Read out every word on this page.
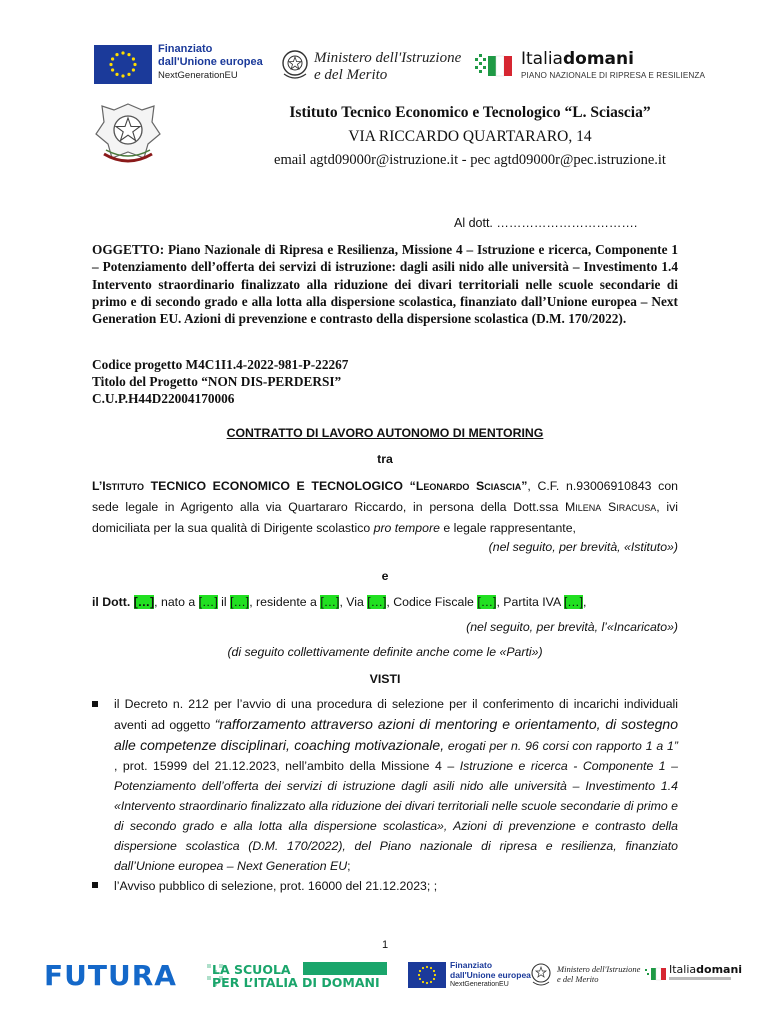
Finanziato
dall'Unione europea
NextGenerationEU
Ministero dell'Istruzione
e del Merito
Italiadomani
PIANO NAZIONALE DI RIPRESA E RESILIENZA
Istituto Tecnico Economico e Tecnologico “L. Sciascia”
VIA RICCARDO QUARTARARO, 14
email agtd09000r@istruzione.it - pec agtd09000r@pec.istruzione.it
Al dott. …………………………….
OGGETTO: Piano Nazionale di Ripresa e Resilienza, Missione 4 – Istruzione e ricerca, Componente 1 – Potenziamento dell’offerta dei servizi di istruzione: dagli asili nido alle università – Investimento 1.4 Intervento straordinario finalizzato alla riduzione dei divari territoriali nelle scuole secondarie di primo e di secondo grado e alla lotta alla dispersione scolastica, finanziato dall’Unione europea – Next Generation EU. Azioni di prevenzione e contrasto della dispersione scolastica (D.M. 170/2022).
Codice progetto M4C1I1.4-2022-981-P-22267
Titolo del Progetto “NON DIS-PERDERSI”
C.U.P.H44D22004170006
CONTRATTO DI LAVORO AUTONOMO DI MENTORING
tra
L’Istituto TECNICO ECONOMICO E TECNOLOGICO “Leonardo Sciascia”, C.F. n.93006910843 con sede legale in Agrigento alla via Quartararo Riccardo, in persona della Dott.ssa Milena Siracusa, ivi domiciliata per la sua qualità di Dirigente scolastico pro tempore e legale rappresentante,
(nel seguito, per brevità, «Istituto»)
e
il Dott. […], nato a […] il […], residente a […], Via […], Codice Fiscale […], Partita IVA […],
(nel seguito, per brevità, l’«Incaricato»)
(di seguito collettivamente definite anche come le «Parti»)
VISTI
il Decreto n. 212 per l’avvio di una procedura di selezione per il conferimento di incarichi individuali aventi ad oggetto “rafforzamento attraverso azioni di mentoring e orientamento, di sostegno alle competenze disciplinari, coaching motivazionale, erogati per n. 96 corsi con rapporto 1 a 1” , prot. 15999 del 21.12.2023, nell’ambito della Missione 4 – Istruzione e ricerca - Componente 1 – Potenziamento dell’offerta dei servizi di istruzione dagli asili nido alle università – Investimento 1.4 «Intervento straordinario finalizzato alla riduzione dei divari territoriali nelle scuole secondarie di primo e di secondo grado e alla lotta alla dispersione scolastica», Azioni di prevenzione e contrasto della dispersione scolastica (D.M. 170/2022), del Piano nazionale di ripresa e resilienza, finanziato dall’Unione europea – Next Generation EU;
l’Avviso pubblico di selezione, prot. 16000 del 21.12.2023; ;
1
FUTURA	LA SCUOLA
PER L’ITALIA DI DOMANI
Finanziato
dall'Unione europea
NextGenerationEU
Ministero dell'Istruzione
e del Merito
Italiadomani
